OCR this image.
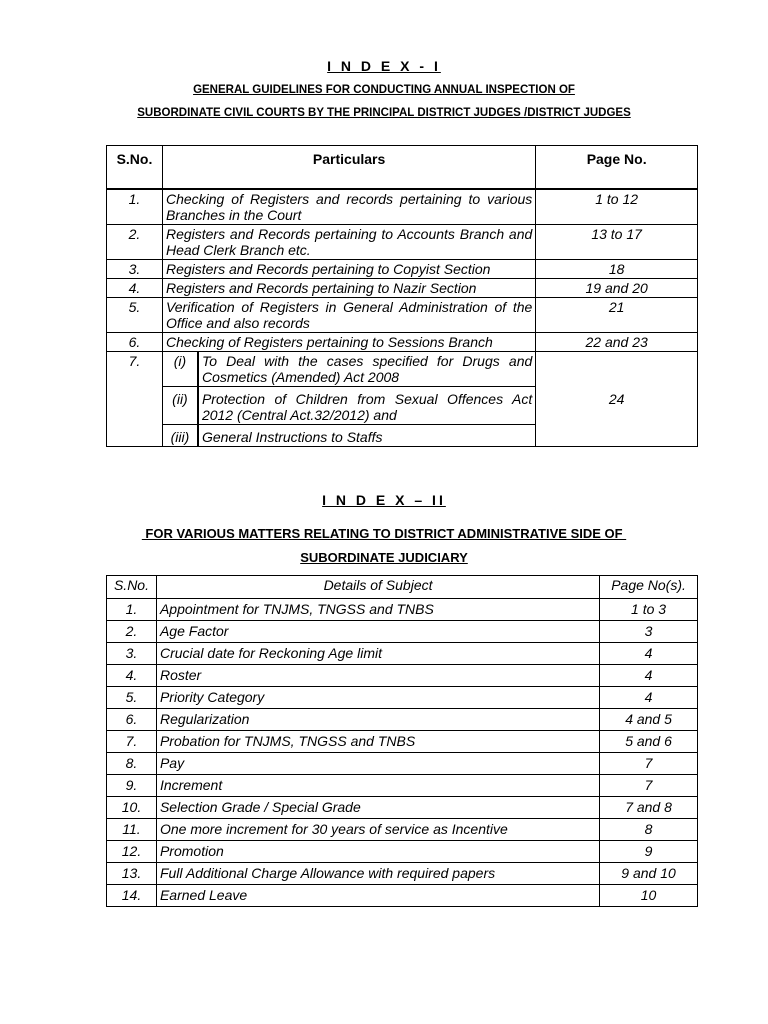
I N D E X - I
GENERAL GUIDELINES FOR CONDUCTING ANNUAL INSPECTION OF
SUBORDINATE CIVIL COURTS BY THE PRINCIPAL DISTRICT JUDGES /DISTRICT JUDGES
S.No.	Particulars	Page No.
1.	Checking of Registers and records pertaining to various Branches in the Court	1 to 12
2.	Registers and Records pertaining to Accounts Branch and Head Clerk Branch etc.	13 to 17
3.	Registers and Records pertaining to Copyist Section	18
4.	Registers and Records pertaining to Nazir Section	19 and 20
5.	Verification of Registers in General Administration of the Office and also records	21
6.	Checking of Registers pertaining to Sessions Branch	22 and 23
7.	(i)	To Deal with the cases specified for Drugs and Cosmetics (Amended) Act 2008
(ii)	Protection of Children from Sexual Offences Act 2012 (Central Act.32/2012) and
(iii)	General Instructions to Staffs
	24
I N D E X – II
FOR VARIOUS MATTERS RELATING TO DISTRICT ADMINISTRATIVE SIDE OF
SUBORDINATE JUDICIARY
S.No.	Details of Subject	Page No(s).
1.	Appointment for TNJMS, TNGSS and TNBS	1 to 3
2.	Age Factor	3
3.	Crucial date for Reckoning Age limit	4
4.	Roster	4
5.	Priority Category	4
6.	Regularization	4 and 5
7.	Probation for TNJMS, TNGSS and TNBS	5 and 6
8.	Pay	7
9.	Increment	7
10.	Selection Grade / Special Grade	7 and 8
11.	One more increment for 30 years of service as Incentive	8
12.	Promotion	9
13.	Full Additional Charge Allowance with required papers	9 and 10
14.	Earned Leave	10
